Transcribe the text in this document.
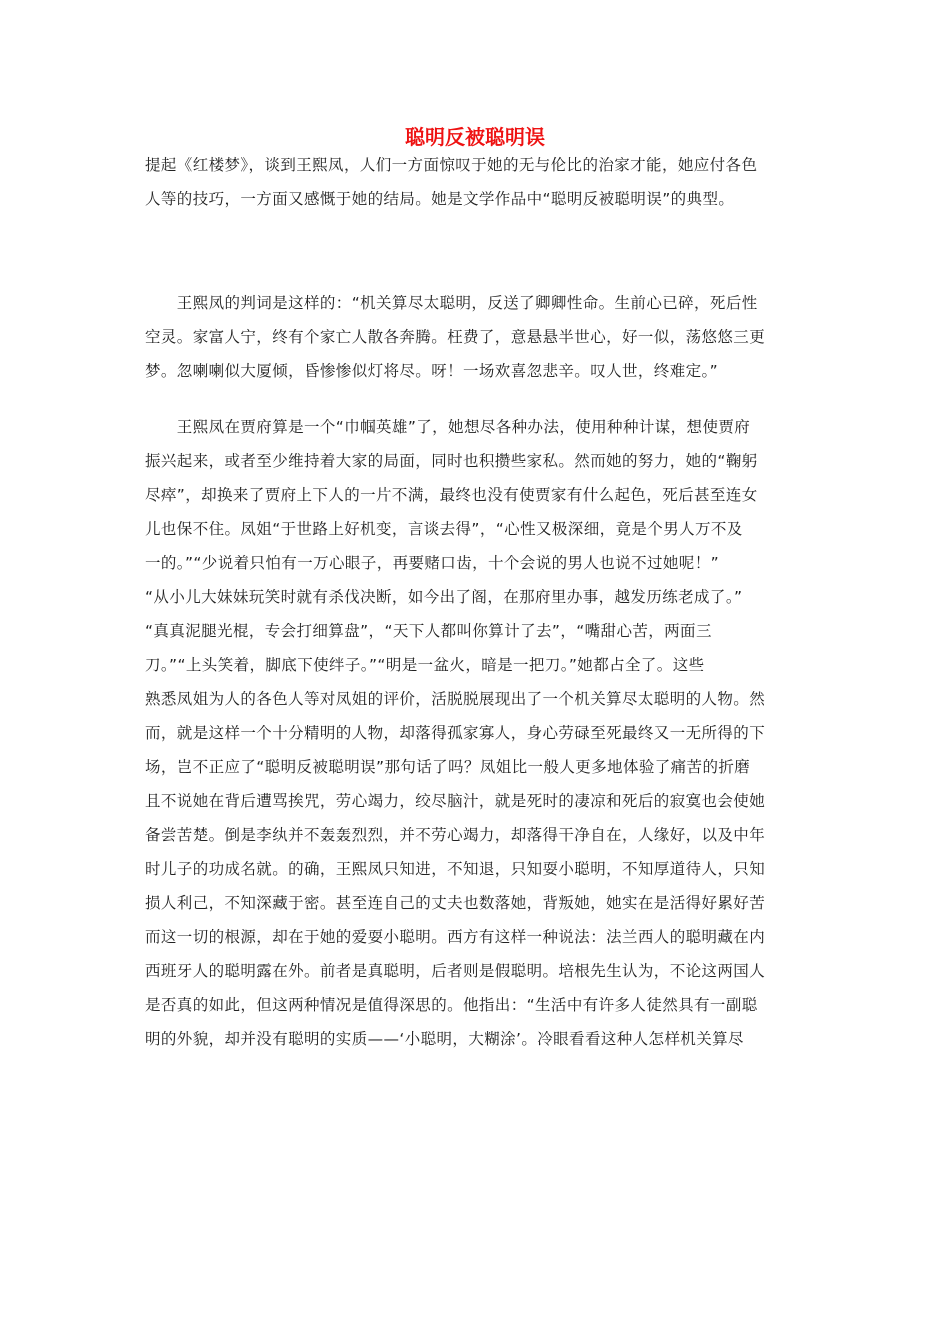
聪明反被聪明误
提起《红楼梦》，谈到王熙凤，人们一方面惊叹于她的无与伦比的治家才能，她应付各色
人等的技巧，一方面又感慨于她的结局。她是文学作品中“聪明反被聪明误”的典型。
　　王熙凤的判词是这样的：“机关算尽太聪明，反送了卿卿性命。生前心已碎，死后性
空灵。家富人宁，终有个家亡人散各奔腾。枉费了，意悬悬半世心，好一似，荡悠悠三更
梦。忽喇喇似大厦倾，昏惨惨似灯将尽。呀！一场欢喜忽悲辛。叹人世，终难定。”
　　王熙凤在贾府算是一个“巾帼英雄”了，她想尽各种办法，使用种种计谋，想使贾府
振兴起来，或者至少维持着大家的局面，同时也积攒些家私。然而她的努力，她的“鞠躬
尽瘁”，却换来了贾府上下人的一片不满，最终也没有使贾家有什么起色，死后甚至连女
儿也保不住。凤姐“于世路上好机变，言谈去得”，“心性又极深细，竟是个男人万不及
一的。”“少说着只怕有一万心眼子，再要赌口齿，十个会说的男人也说不过她呢！”
“从小儿大妹妹玩笑时就有杀伐决断，如今出了阁，在那府里办事，越发历练老成了。”
“真真泥腿光棍，专会打细算盘”，“天下人都叫你算计了去”，“嘴甜心苦，两面三
刀。”“上头笑着，脚底下使绊子。”“明是一盆火，暗是一把刀。”她都占全了。这些
熟悉凤姐为人的各色人等对凤姐的评价，活脱脱展现出了一个机关算尽太聪明的人物。然
而，就是这样一个十分精明的人物，却落得孤家寡人，身心劳碌至死最终又一无所得的下
场，岂不正应了“聪明反被聪明误”那句话了吗？凤姐比一般人更多地体验了痛苦的折磨
且不说她在背后遭骂挨咒，劳心竭力，绞尽脑汁，就是死时的凄凉和死后的寂寞也会使她
备尝苦楚。倒是李纨并不轰轰烈烈，并不劳心竭力，却落得干净自在，人缘好，以及中年
时儿子的功成名就。的确，王熙凤只知进，不知退，只知耍小聪明，不知厚道待人，只知
损人利己，不知深藏于密。甚至连自己的丈夫也数落她，背叛她，她实在是活得好累好苦
而这一切的根源，却在于她的爱耍小聪明。西方有这样一种说法：法兰西人的聪明藏在内
西班牙人的聪明露在外。前者是真聪明，后者则是假聪明。培根先生认为，不论这两国人
是否真的如此，但这两种情况是值得深思的。他指出：“生活中有许多人徒然具有一副聪
明的外貌，却并没有聪明的实质——‘小聪明，大糊涂’。冷眼看看这种人怎样机关算尽
